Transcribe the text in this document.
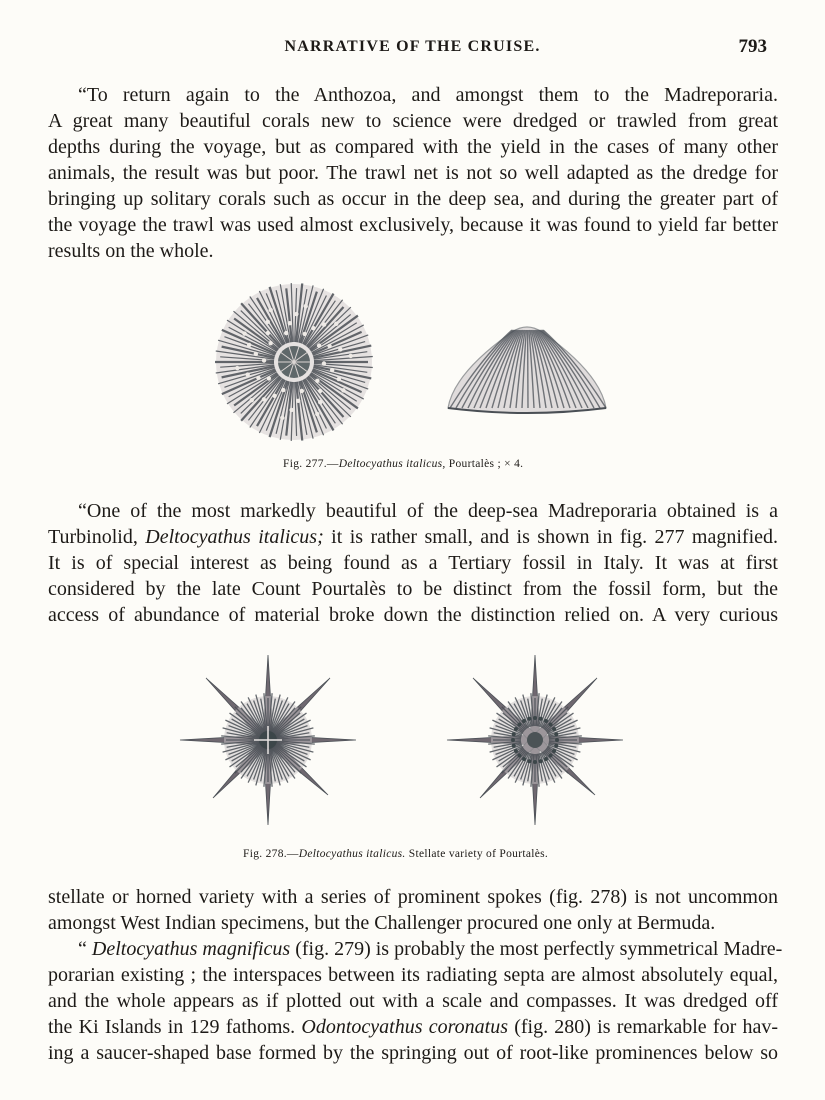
NARRATIVE OF THE CRUISE.	793
“To return again to the Anthozoa, and amongst them to the Madreporaria.
A great many beautiful corals new to science were dredged or trawled from great
depths during the voyage, but as compared with the yield in the cases of many other
animals, the result was but poor. The trawl net is not so well adapted as the dredge for
bringing up solitary corals such as occur in the deep sea, and during the greater part of
the voyage the trawl was used almost exclusively, because it was found to yield far better
results on the whole.
Fig. 277.—Deltocyathus italicus, Pourtalès ; × 4.
“One of the most markedly beautiful of the deep-sea Madreporaria obtained is a
Turbinolid, Deltocyathus italicus; it is rather small, and is shown in fig. 277 magnified.
It is of special interest as being found as a Tertiary fossil in Italy. It was at first
considered by the late Count Pourtalès to be distinct from the fossil form, but the
access of abundance of material broke down the distinction relied on. A very curious
Fig. 278.—Deltocyathus italicus. Stellate variety of Pourtalès.
stellate or horned variety with a series of prominent spokes (fig. 278) is not uncommon
amongst West Indian specimens, but the Challenger procured one only at Bermuda.
“ Deltocyathus magnificus (fig. 279) is probably the most perfectly symmetrical Madre-
porarian existing ; the interspaces between its radiating septa are almost absolutely equal,
and the whole appears as if plotted out with a scale and compasses. It was dredged off
the Ki Islands in 129 fathoms. Odontocyathus coronatus (fig. 280) is remarkable for hav-
ing a saucer-shaped base formed by the springing out of root-like prominences below so
